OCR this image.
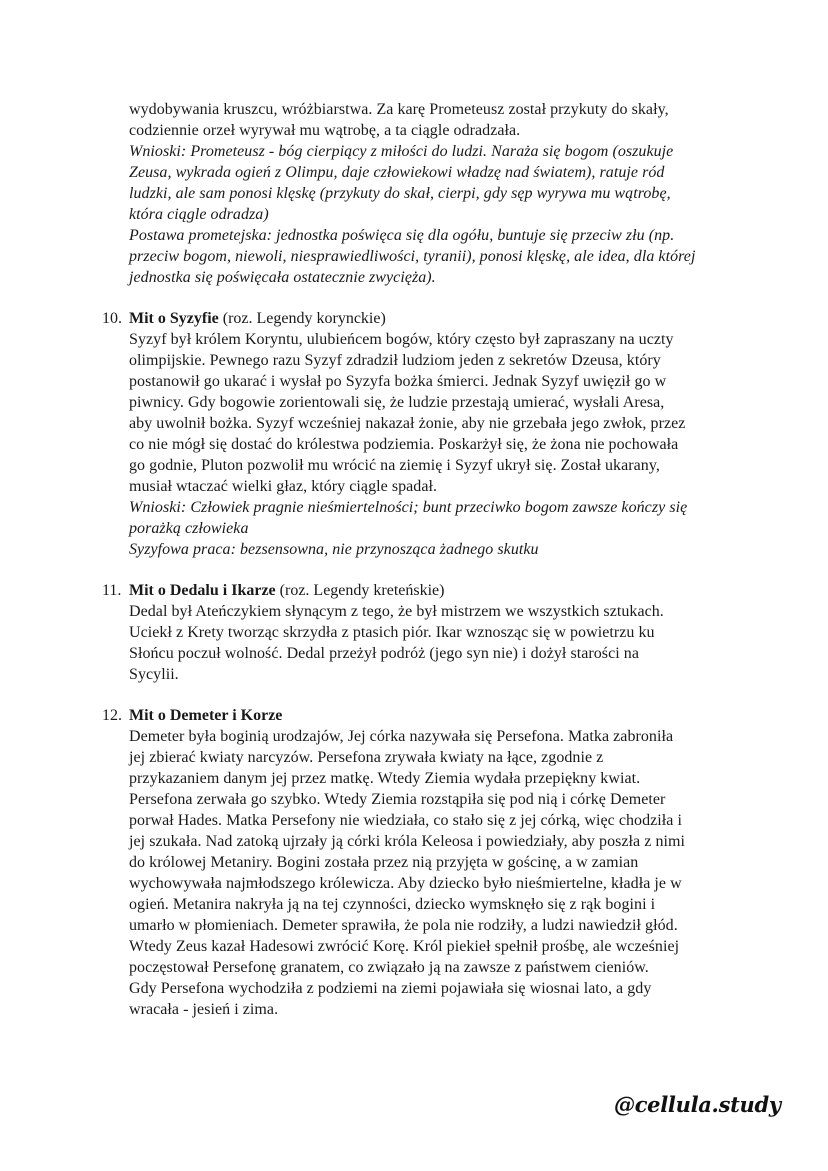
wydobywania kruszcu, wróżbiarstwa. Za karę Prometeusz został przykuty do skały,
codziennie orzeł wyrywał mu wątrobę, a ta ciągle odradzała.
Wnioski: Prometeusz - bóg cierpiący z miłości do ludzi. Naraża się bogom (oszukuje
Zeusa, wykrada ogień z Olimpu, daje człowiekowi władzę nad światem), ratuje ród
ludzki, ale sam ponosi klęskę (przykuty do skał, cierpi, gdy sęp wyrywa mu wątrobę,
która ciągle odradza)
Postawa prometejska: jednostka poświęca się dla ogółu, buntuje się przeciw złu (np.
przeciw bogom, niewoli, niesprawiedliwości, tyranii), ponosi klęskę, ale idea, dla której
jednostka się poświęcała ostatecznie zwycięża).
10. Mit o Syzyfie (roz. Legendy korynckie)
Syzyf był królem Koryntu, ulubieńcem bogów, który często był zapraszany na uczty
olimpijskie. Pewnego razu Syzyf zdradził ludziom jeden z sekretów Dzeusa, który
postanowił go ukarać i wysłał po Syzyfa bożka śmierci. Jednak Syzyf uwięził go w
piwnicy. Gdy bogowie zorientowali się, że ludzie przestają umierać, wysłali Aresa,
aby uwolnił bożka. Syzyf wcześniej nakazał żonie, aby nie grzebała jego zwłok, przez
co nie mógł się dostać do królestwa podziemia. Poskarżył się, że żona nie pochowała
go godnie, Pluton pozwolił mu wrócić na ziemię i Syzyf ukrył się. Został ukarany,
musiał wtaczać wielki głaz, który ciągle spadał.
Wnioski: Człowiek pragnie nieśmiertelności; bunt przeciwko bogom zawsze kończy się
porażką człowieka
Syzyfowa praca: bezsensowna, nie przynosząca żadnego skutku
11. Mit o Dedalu i Ikarze (roz. Legendy kreteńskie)
Dedal był Ateńczykiem słynącym z tego, że był mistrzem we wszystkich sztukach.
Uciekł z Krety tworząc skrzydła z ptasich piór. Ikar wznosząc się w powietrzu ku
Słońcu poczuł wolność. Dedal przeżył podróż (jego syn nie) i dożył starości na
Sycylii.
12. Mit o Demeter i Korze
Demeter była boginią urodzajów, Jej córka nazywała się Persefona. Matka zabroniła
jej zbierać kwiaty narcyzów. Persefona zrywała kwiaty na łące, zgodnie z
przykazaniem danym jej przez matkę. Wtedy Ziemia wydała przepiękny kwiat.
Persefona zerwała go szybko. Wtedy Ziemia rozstąpiła się pod nią i córkę Demeter
porwał Hades. Matka Persefony nie wiedziała, co stało się z jej córką, więc chodziła i
jej szukała. Nad zatoką ujrzały ją córki króla Keleosa i powiedziały, aby poszła z nimi
do królowej Metaniry. Bogini została przez nią przyjęta w gościnę, a w zamian
wychowywała najmłodszego królewicza. Aby dziecko było nieśmiertelne, kładła je w
ogień. Metanira nakryła ją na tej czynności, dziecko wymsknęło się z rąk bogini i
umarło w płomieniach. Demeter sprawiła, że pola nie rodziły, a ludzi nawiedził głód.
Wtedy Zeus kazał Hadesowi zwrócić Korę. Król piekieł spełnił prośbę, ale wcześniej
poczęstował Persefonę granatem, co związało ją na zawsze z państwem cieniów.
Gdy Persefona wychodziła z podziemi na ziemi pojawiała się wiosnai lato, a gdy
wracała - jesień i zima.
@cellula.study
